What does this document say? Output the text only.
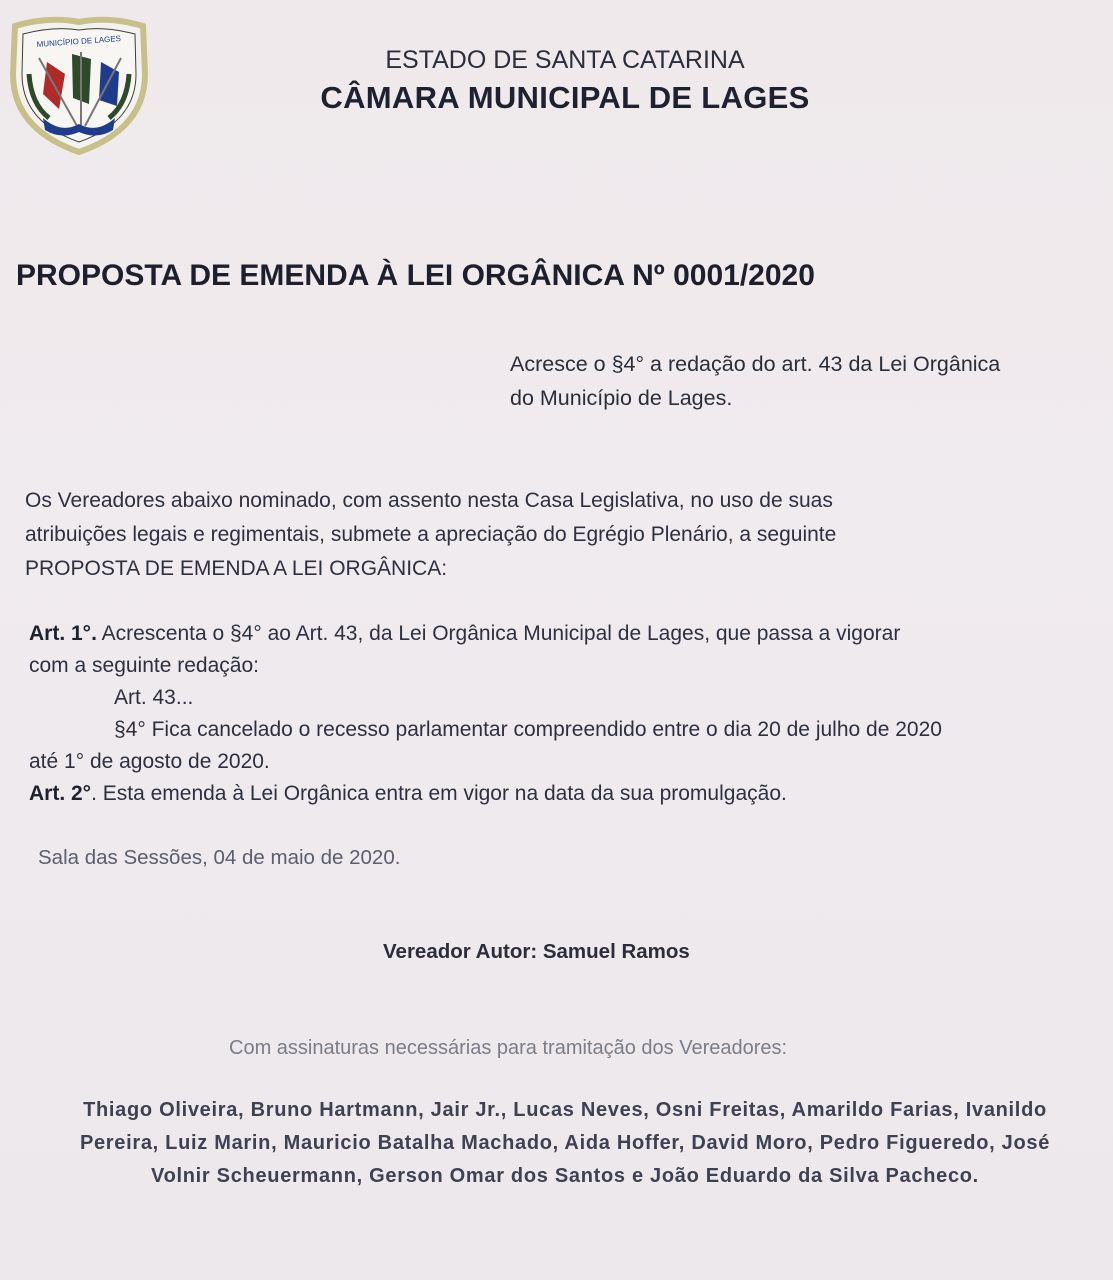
MUNICÍPIO DE LAGES
ESTADO DE SANTA CATARINA
CÂMARA MUNICIPAL DE LAGES
PROPOSTA DE EMENDA À LEI ORGÂNICA Nº 0001/2020
Acresce o §4° a redação do art. 43 da Lei Orgânica
do Município de Lages.
Os Vereadores abaixo nominado, com assento nesta Casa Legislativa, no uso de suas
atribuições legais e regimentais, submete a apreciação do Egrégio Plenário, a seguinte
PROPOSTA DE EMENDA A LEI ORGÂNICA:
Art. 1°. Acrescenta o §4° ao Art. 43, da Lei Orgânica Municipal de Lages, que passa a vigorar
com a seguinte redação:
Art. 43...
§4° Fica cancelado o recesso parlamentar compreendido entre o dia 20 de julho de 2020
até 1° de agosto de 2020.
Art. 2°. Esta emenda à Lei Orgânica entra em vigor na data da sua promulgação.
Sala das Sessões, 04 de maio de 2020.
Vereador Autor: Samuel Ramos
Com assinaturas necessárias para tramitação dos Vereadores:
Thiago Oliveira, Bruno Hartmann, Jair Jr., Lucas Neves, Osni Freitas, Amarildo Farias, Ivanildo Pereira, Luiz Marin, Mauricio Batalha Machado, Aida Hoffer, David Moro, Pedro Figueredo, José Volnir Scheuermann, Gerson Omar dos Santos e João Eduardo da Silva Pacheco.
